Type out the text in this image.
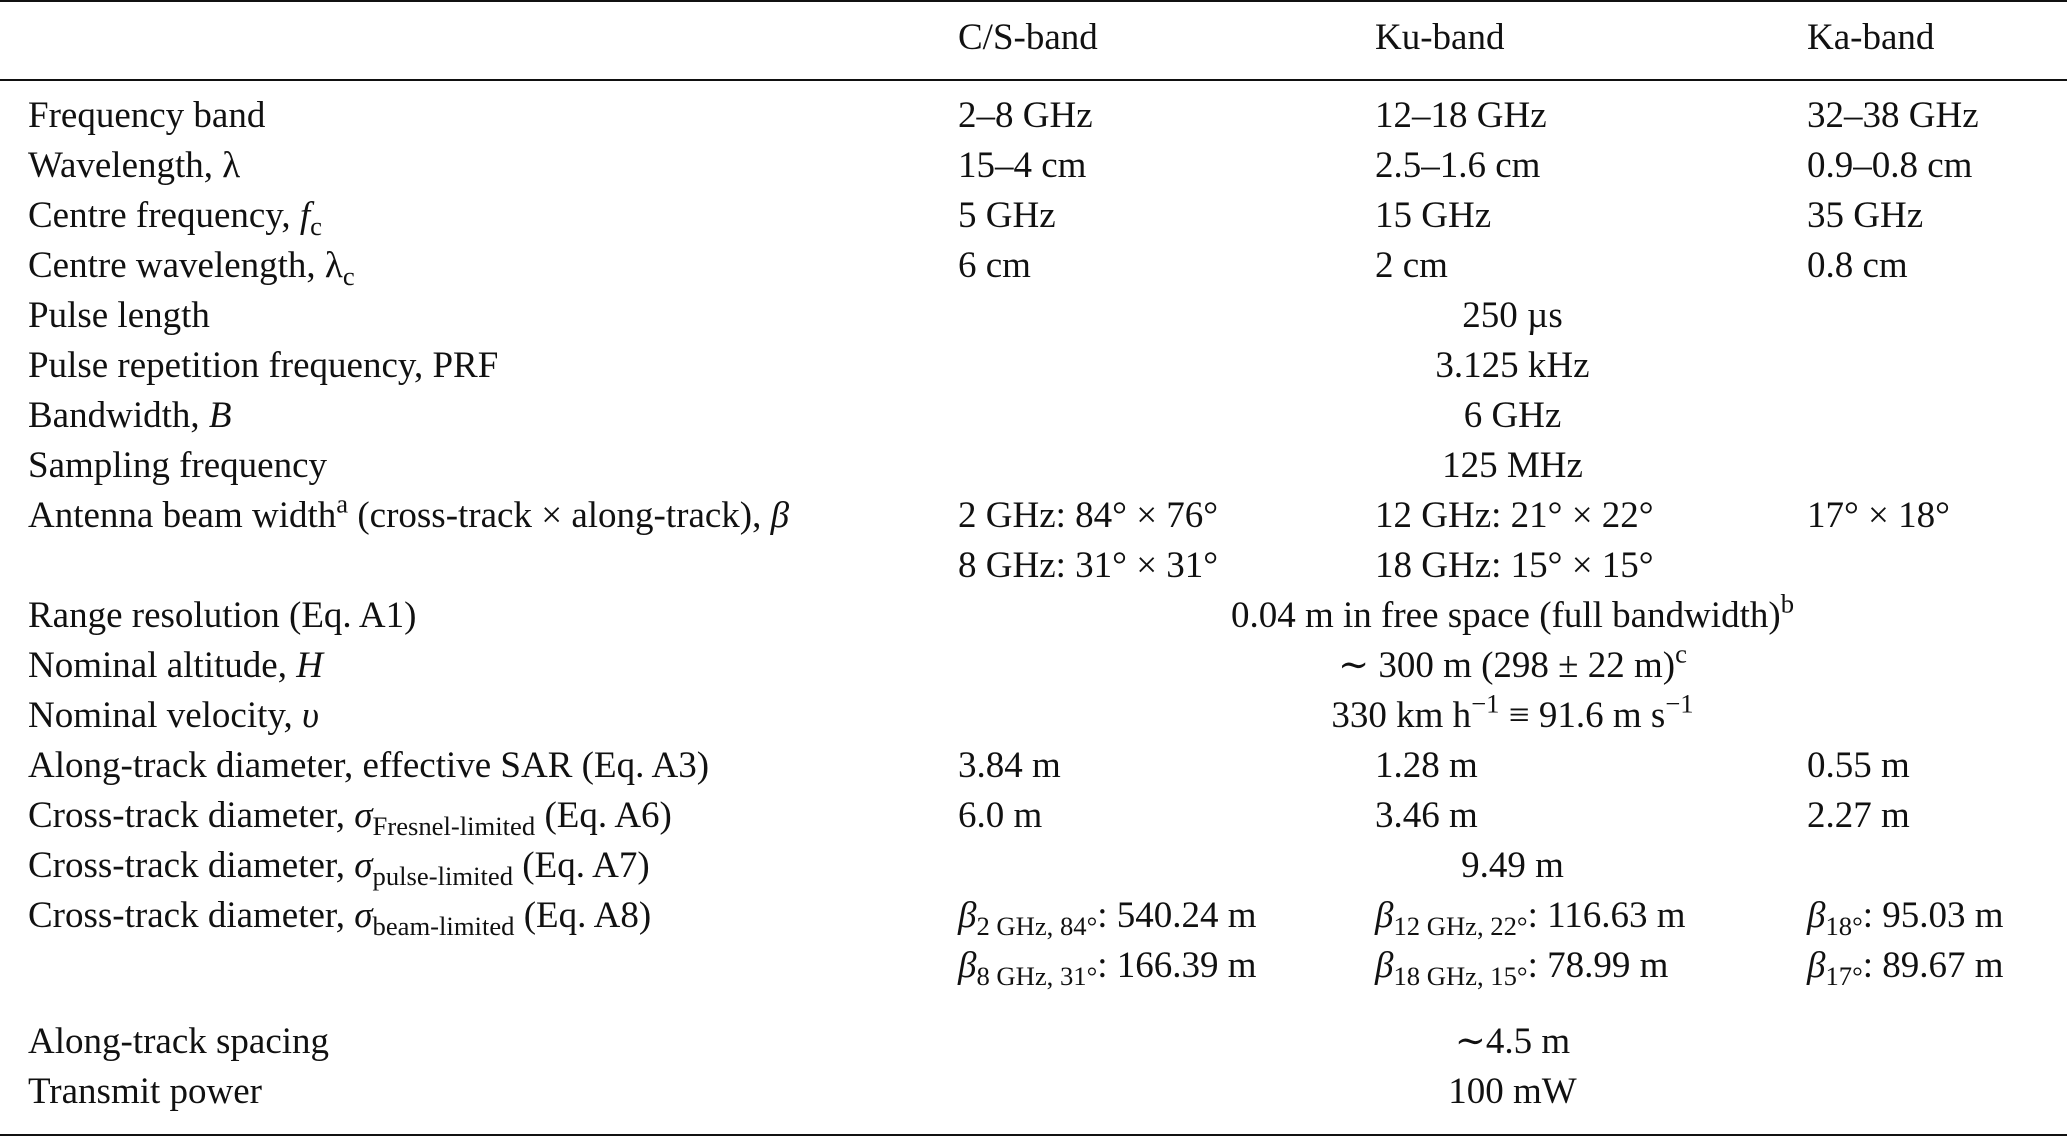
C/S-band	Ku-band	Ka-band
Frequency band	2–8 GHz	12–18 GHz	32–38 GHz
Wavelength, λ	15–4 cm	2.5–1.6 cm	0.9–0.8 cm
Centre frequency, $f_c$	5 GHz	15 GHz	35 GHz
Centre wavelength, $\lambda_c$	6 cm	2 cm	0.8 cm
Pulse length	250 µs
Pulse repetition frequency, PRF	3.125 kHz
Bandwidth, B	6 GHz
Sampling frequency	125 MHz
Antenna beam width$^a$ (cross-track × along-track), β	2 GHz: 84° × 76°	12 GHz: 21° × 22°	17° × 18°
8 GHz: 31° × 31°	18 GHz: 15° × 15°
Range resolution (Eq. A1)	0.04 m in free space (full bandwidth)$^b$
Nominal altitude, H	∼ 300 m (298 ± 22 m)$^c$
Nominal velocity, υ	330 km $h^{-1} \equiv 91.6$ m $s^{-1}$
Along-track diameter, effective SAR (Eq. A3)	3.84 m	1.28 m	0.55 m
Cross-track diameter, $\sigma_{Fresnel-limited}$ (Eq. A6)	6.0 m	3.46 m	2.27 m
Cross-track diameter, $\sigma_{pulse-limited}$ (Eq. A7)	9.49 m
Cross-track diameter, $\sigma_{beam-limited}$ (Eq. A8)	$\beta_{2 GHz, 84^\circ}$: 540.24 m	$\beta_{12 GHz, 22^\circ}$: 116.63 m	$\beta_{18^\circ}$: 95.03 m
$\beta_{8 GHz, 31^\circ}$: 166.39 m	$\beta_{18 GHz, 15^\circ}$: 78.99 m	$\beta_{17^\circ}$: 89.67 m
Along-track spacing	∼4.5 m
Transmit power	100 mW
